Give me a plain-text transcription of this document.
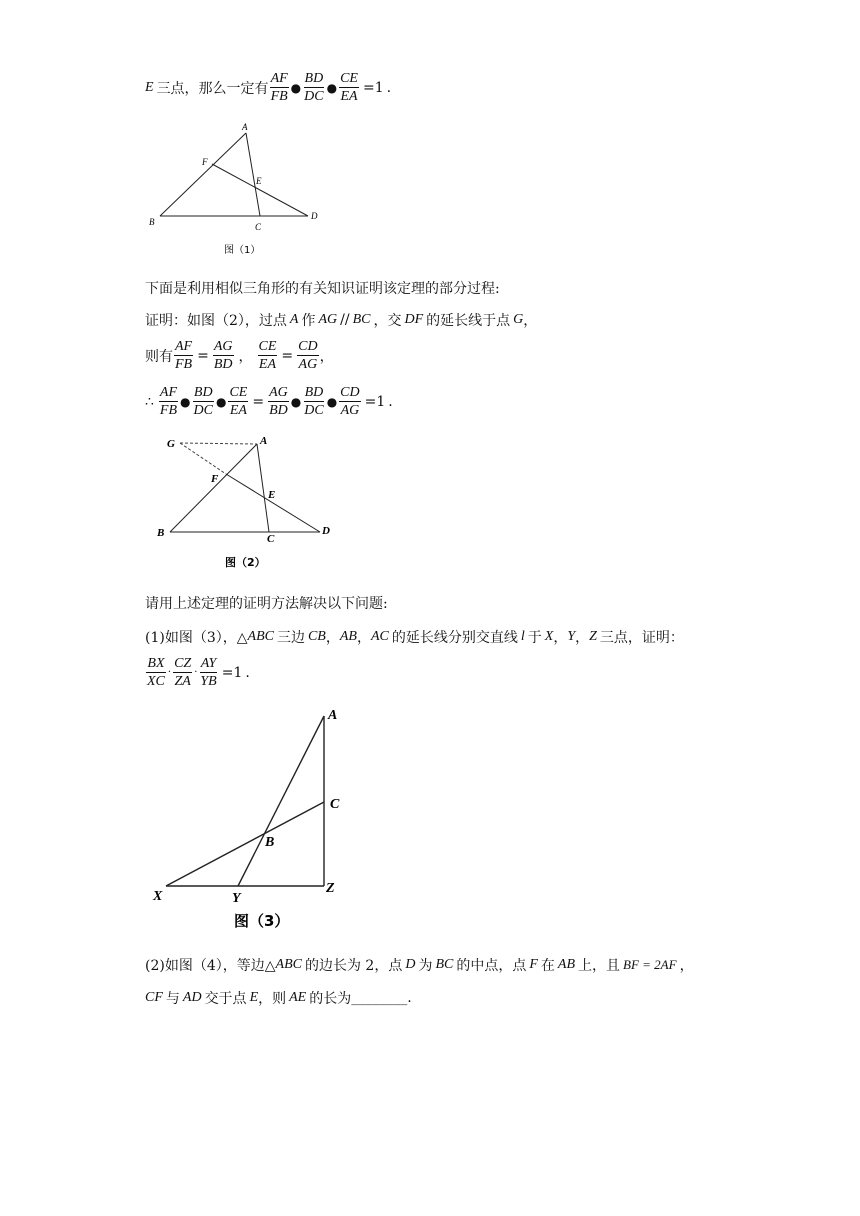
E 三点，那么一定有 $\frac{AF}{FB}$ ● $\frac{BD}{DC}$ ● $\frac{CE}{EA} =1$ .
A
F
E
B	C
D
图（1）
下面是利用相似三角形的有关知识证明该定理的部分过程:
证明：如图（2），过点 A 作 AG // BC ，交 DF 的延长线于点 G ，
则有 $\frac{AF}{FB} = \frac{AG}{BD}$ ， $\frac{CE}{EA} = \frac{CD}{AG}$ ，
∴ $\frac{AF}{FB}$ ● $\frac{BD}{DC}$ ● $\frac{CE}{EA} = \frac{AG}{BD}$ ● $\frac{BD}{DC}$ ● $\frac{CD}{AG} =1$ .
G	A
F
E
B	C
D
图（2）
请用上述定理的证明方法解决以下问题:
(1)如图（3），△ ABC 三边 CB ， AB ， AC 的延长线分别交直线 l 于 X ， Y ， Z 三点，证明：
$\frac{BX}{XC} \cdot \frac{CZ}{ZA} \cdot \frac{AY}{YB} =1$ .
A
C
B
X	Y
Z
图（3）
(2)如图（4），等边△ ABC 的边长为 2，点 D 为 BC 的中点，点 F 在 AB 上，且 BF = 2AF ，
CF 与 AD 交于点 E ，则 AE 的长为 ________ .
